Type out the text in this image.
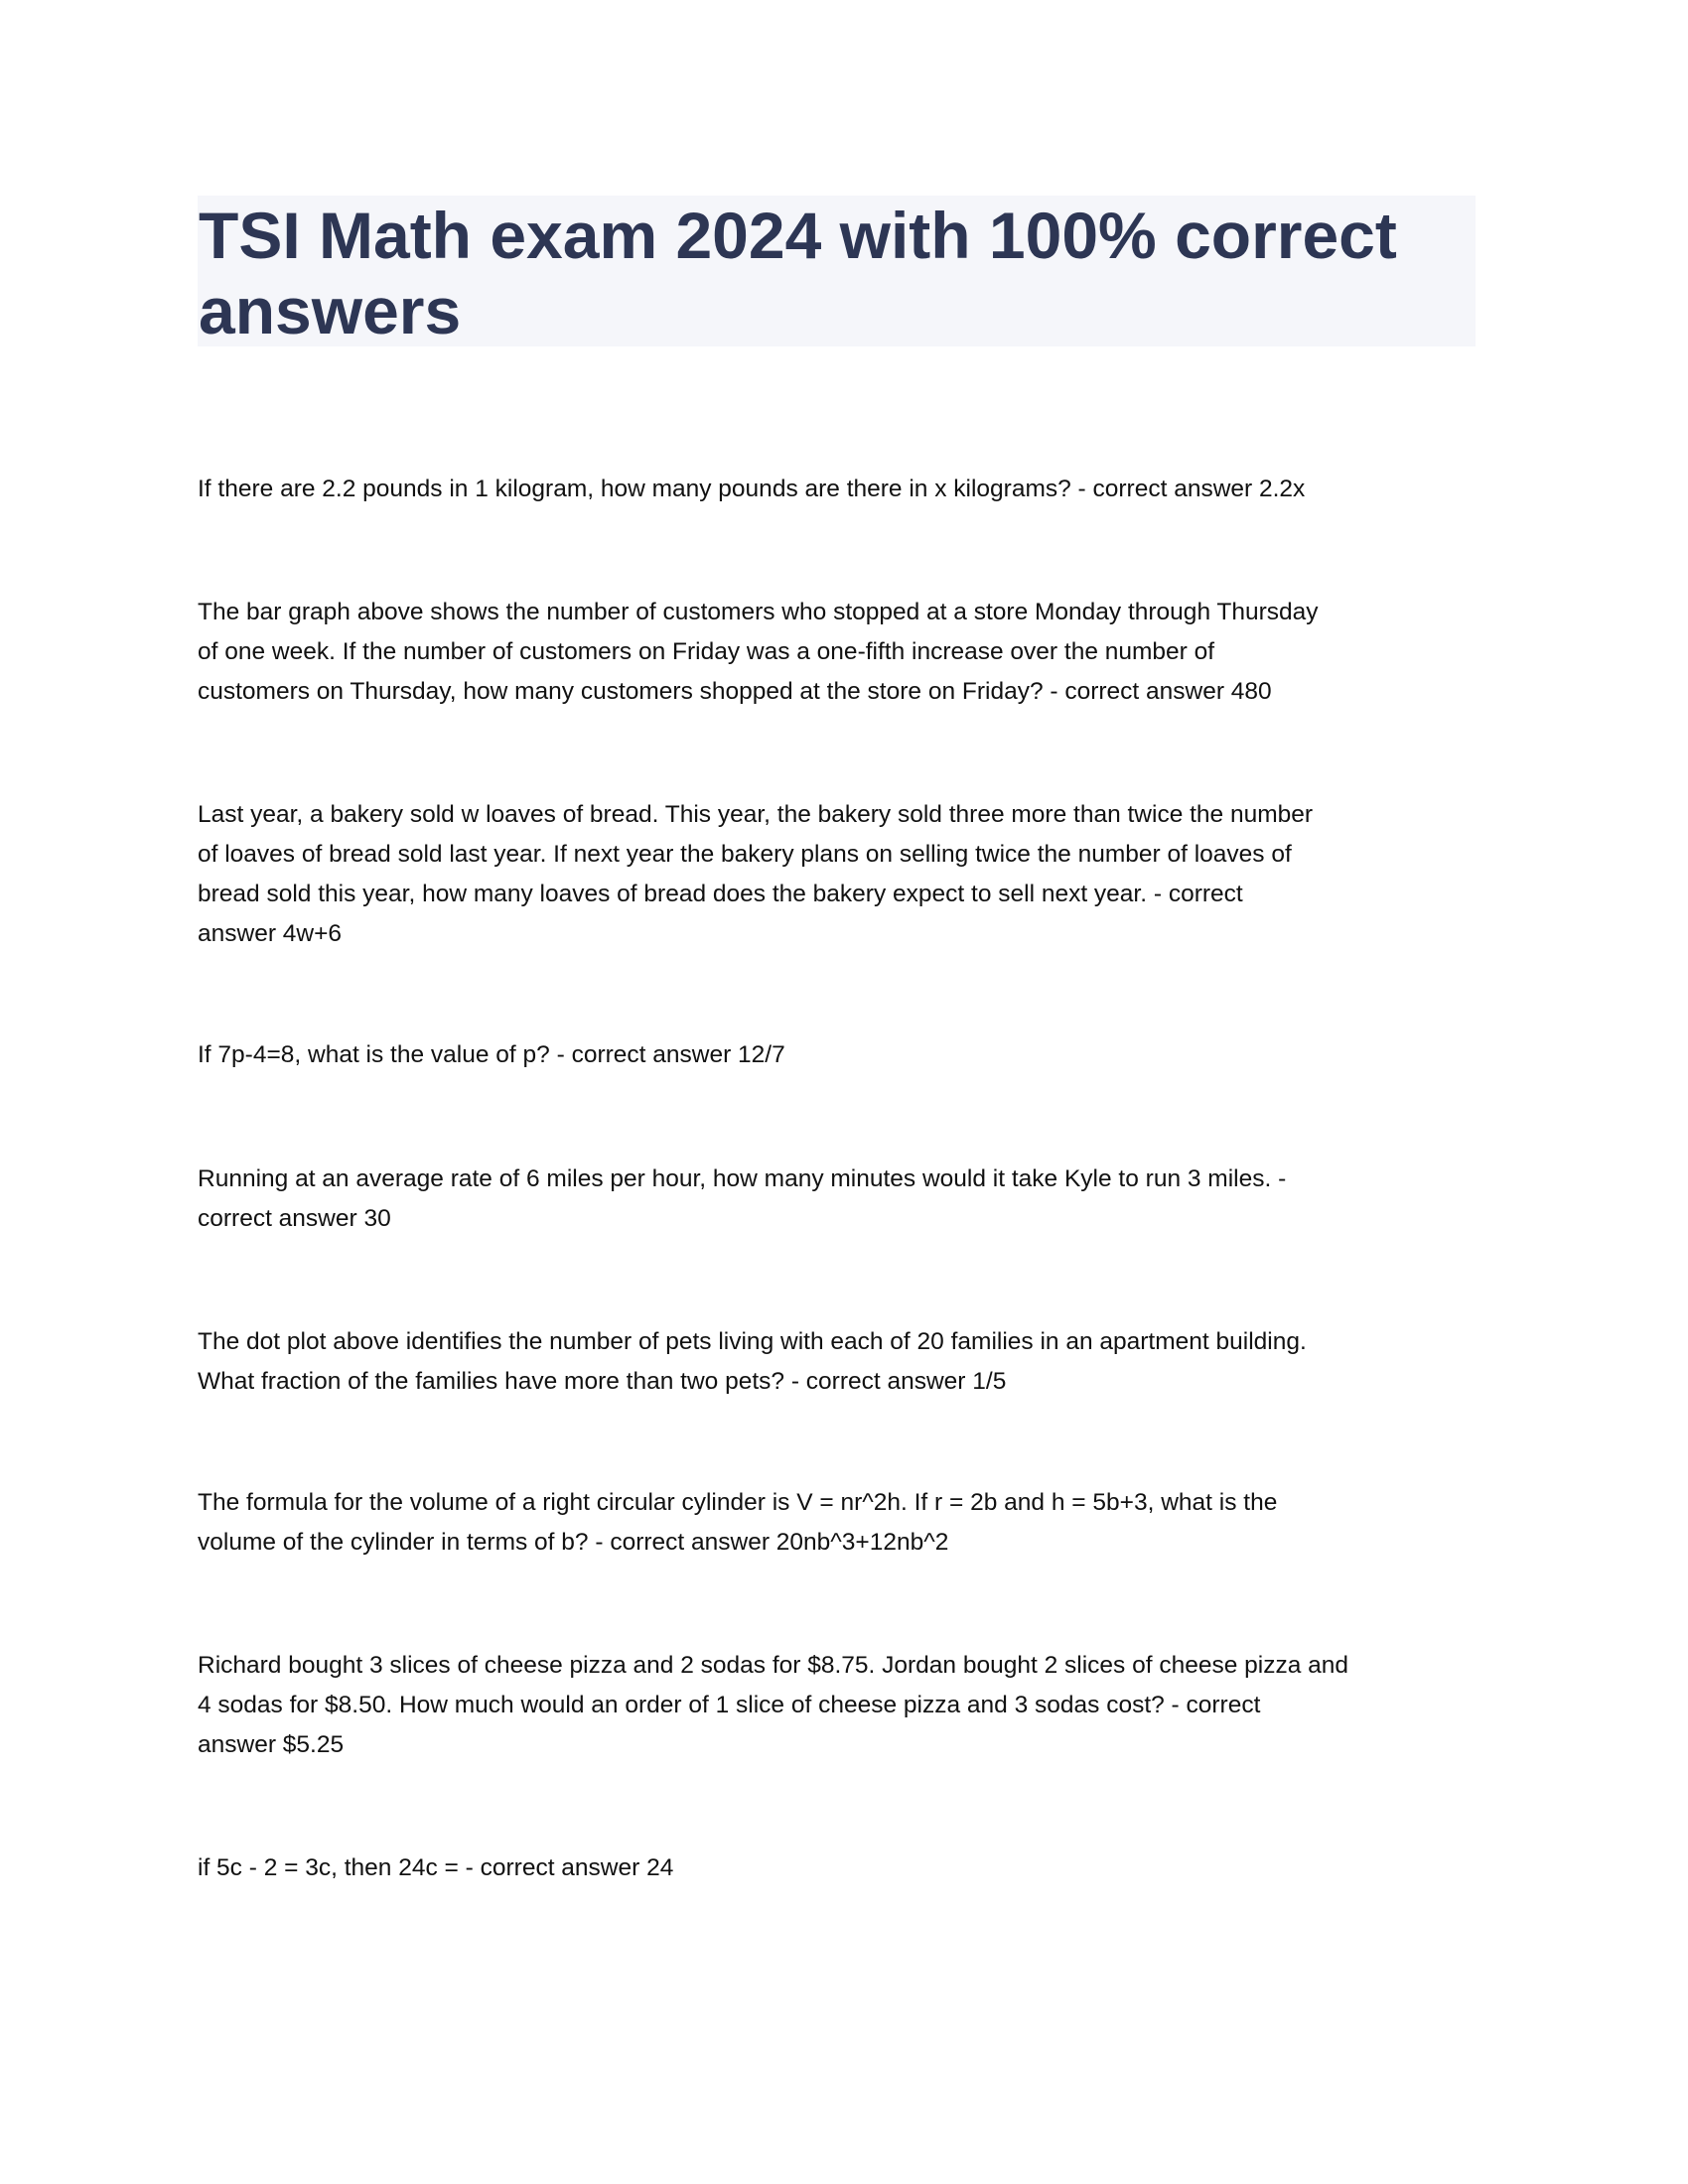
TSI Math exam 2024 with 100% correct answers
If there are 2.2 pounds in 1 kilogram, how many pounds are there in x kilograms? - correct answer 2.2x
The bar graph above shows the number of customers who stopped at a store Monday through Thursday
of one week. If the number of customers on Friday was a one-fifth increase over the number of
customers on Thursday, how many customers shopped at the store on Friday? - correct answer 480
Last year, a bakery sold w loaves of bread. This year, the bakery sold three more than twice the number
of loaves of bread sold last year. If next year the bakery plans on selling twice the number of loaves of
bread sold this year, how many loaves of bread does the bakery expect to sell next year. - correct
answer 4w+6
If 7p-4=8, what is the value of p? - correct answer 12/7
Running at an average rate of 6 miles per hour, how many minutes would it take Kyle to run 3 miles. -
correct answer 30
The dot plot above identifies the number of pets living with each of 20 families in an apartment building.
What fraction of the families have more than two pets? - correct answer 1/5
The formula for the volume of a right circular cylinder is V = nr^2h. If r = 2b and h = 5b+3, what is the
volume of the cylinder in terms of b? - correct answer 20nb^3+12nb^2
Richard bought 3 slices of cheese pizza and 2 sodas for $8.75. Jordan bought 2 slices of cheese pizza and
4 sodas for $8.50. How much would an order of 1 slice of cheese pizza and 3 sodas cost? - correct
answer $5.25
if 5c - 2 = 3c, then 24c = - correct answer 24
